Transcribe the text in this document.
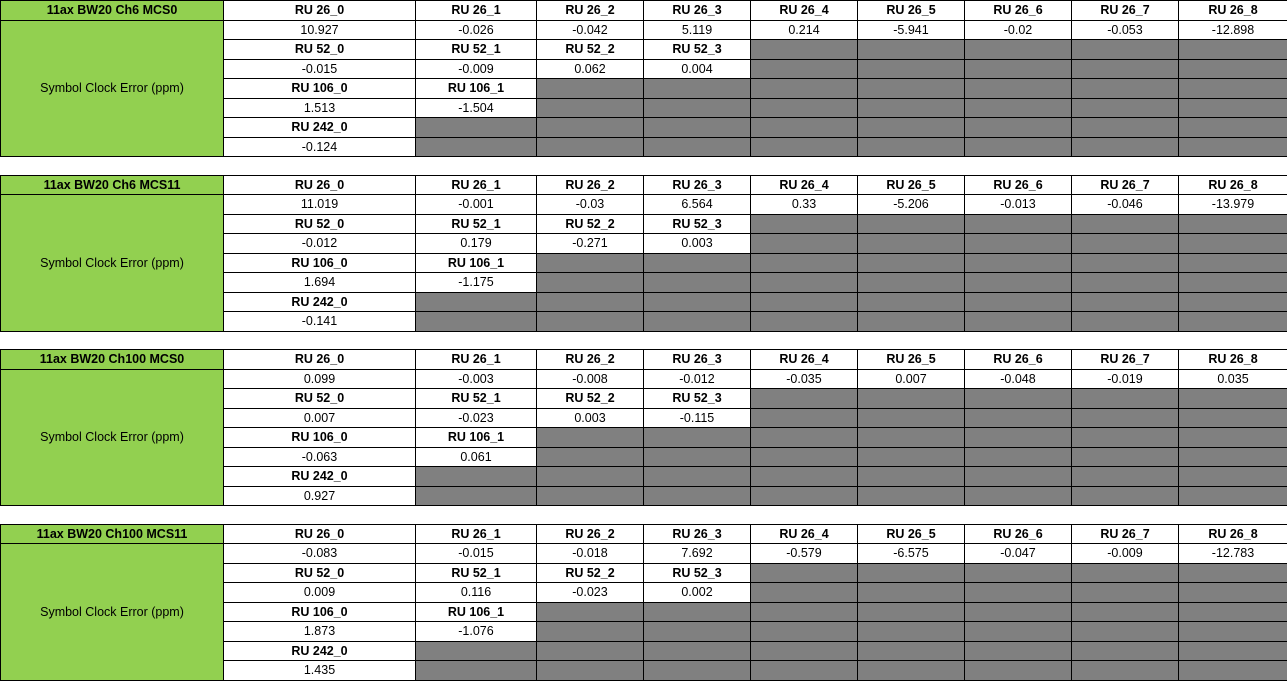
11ax BW20 Ch6 MCS0	RU 26_0	RU 26_1	RU 26_2	RU 26_3	RU 26_4	RU 26_5	RU 26_6	RU 26_7	RU 26_8
Symbol Clock Error (ppm)	10.927	-0.026	-0.042	5.119	0.214	-5.941	-0.02	-0.053	-12.898
	RU 52_0	RU 52_1	RU 52_2	RU 52_3					
	-0.015	-0.009	0.062	0.004					
	RU 106_0	RU 106_1							
	1.513	-1.504							
	RU 242_0								
	-0.124								
11ax BW20 Ch6 MCS11	RU 26_0	RU 26_1	RU 26_2	RU 26_3	RU 26_4	RU 26_5	RU 26_6	RU 26_7	RU 26_8
Symbol Clock Error (ppm)	11.019	-0.001	-0.03	6.564	0.33	-5.206	-0.013	-0.046	-13.979
	RU 52_0	RU 52_1	RU 52_2	RU 52_3					
	-0.012	0.179	-0.271	0.003					
	RU 106_0	RU 106_1							
	1.694	-1.175							
	RU 242_0								
	-0.141								
11ax BW20 Ch100 MCS0	RU 26_0	RU 26_1	RU 26_2	RU 26_3	RU 26_4	RU 26_5	RU 26_6	RU 26_7	RU 26_8
Symbol Clock Error (ppm)	0.099	-0.003	-0.008	-0.012	-0.035	0.007	-0.048	-0.019	0.035
	RU 52_0	RU 52_1	RU 52_2	RU 52_3					
	0.007	-0.023	0.003	-0.115					
	RU 106_0	RU 106_1							
	-0.063	0.061							
	RU 242_0								
	0.927								
11ax BW20 Ch100 MCS11	RU 26_0	RU 26_1	RU 26_2	RU 26_3	RU 26_4	RU 26_5	RU 26_6	RU 26_7	RU 26_8
Symbol Clock Error (ppm)	-0.083	-0.015	-0.018	7.692	-0.579	-6.575	-0.047	-0.009	-12.783
	RU 52_0	RU 52_1	RU 52_2	RU 52_3					
	0.009	0.116	-0.023	0.002					
	RU 106_0	RU 106_1							
	1.873	-1.076							
	RU 242_0								
	1.435								
